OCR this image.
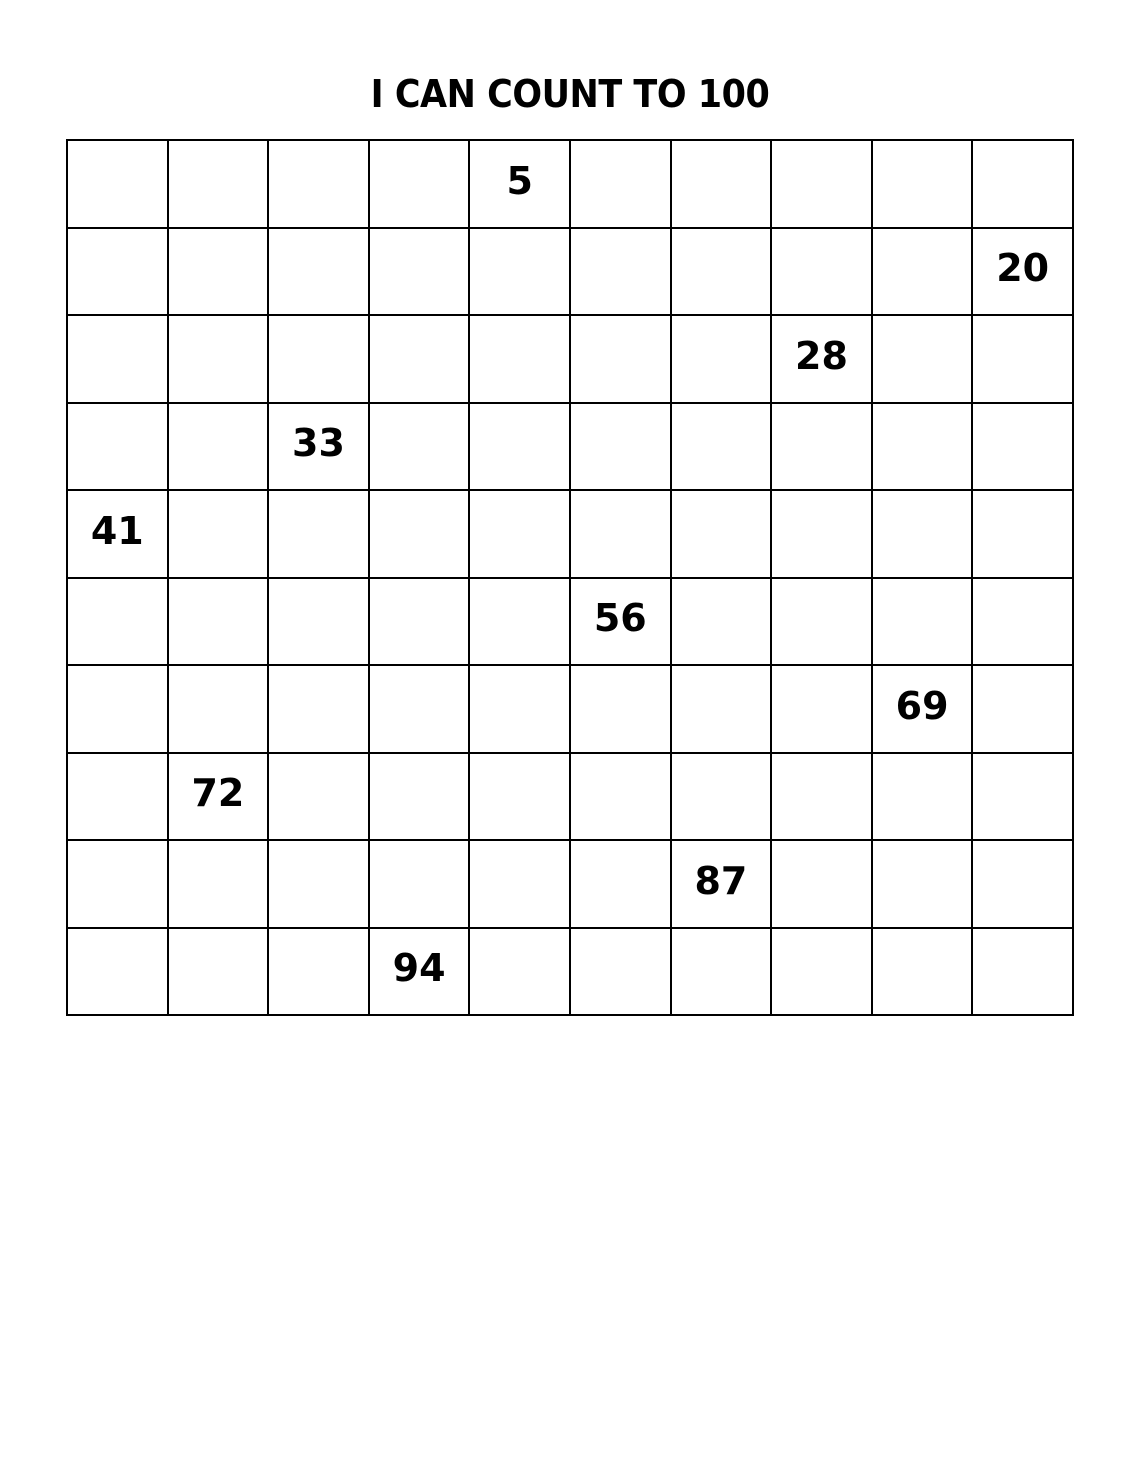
I CAN COUNT TO 100
5
20
28
33
41
56
69
72
87
94
